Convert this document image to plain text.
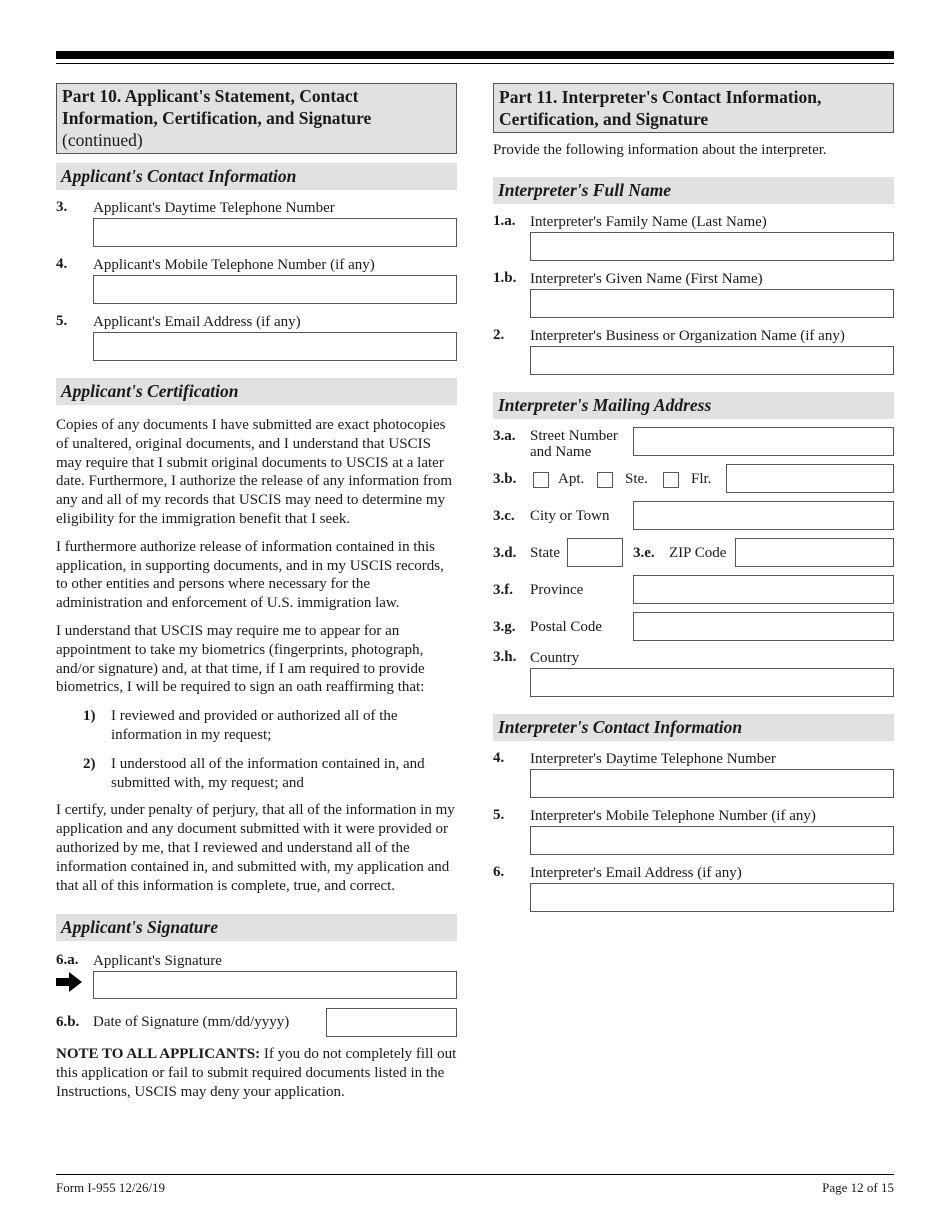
Part 10. Applicant's Statement, Contact Information, Certification, and Signature
(continued)
Applicant's Contact Information
3. Applicant's Daytime Telephone Number
4. Applicant's Mobile Telephone Number (if any)
5. Applicant's Email Address (if any)
Applicant's Certification
Copies of any documents I have submitted are exact photocopies of unaltered, original documents, and I understand that USCIS may require that I submit original documents to USCIS at a later date. Furthermore, I authorize the release of any information from any and all of my records that USCIS may need to determine my eligibility for the immigration benefit that I seek.
I furthermore authorize release of information contained in this application, in supporting documents, and in my USCIS records, to other entities and persons where necessary for the administration and enforcement of U.S. immigration law.
I understand that USCIS may require me to appear for an appointment to take my biometrics (fingerprints, photograph, and/or signature) and, at that time, if I am required to provide biometrics, I will be required to sign an oath reaffirming that:
1) I reviewed and provided or authorized all of the information in my request;
2) I understood all of the information contained in, and submitted with, my request; and
I certify, under penalty of perjury, that all of the information in my application and any document submitted with it were provided or authorized by me, that I reviewed and understand all of the information contained in, and submitted with, my application and that all of this information is complete, true, and correct.
Applicant's Signature
6.a. Applicant's Signature
6.b. Date of Signature (mm/dd/yyyy)
NOTE TO ALL APPLICANTS: If you do not completely fill out this application or fail to submit required documents listed in the Instructions, USCIS may deny your application.
Part 11. Interpreter's Contact Information, Certification, and Signature
Provide the following information about the interpreter.
Interpreter's Full Name
1.a. Interpreter's Family Name (Last Name)
1.b. Interpreter's Given Name (First Name)
2. Interpreter's Business or Organization Name (if any)
Interpreter's Mailing Address
3.a. Street Number
and Name
3.b.	Apt.	Ste.	Flr.
3.c. City or Town
3.d. State	3.e. ZIP Code
3.f. Province
3.g. Postal Code
3.h. Country
Interpreter's Contact Information
4. Interpreter's Daytime Telephone Number
5. Interpreter's Mobile Telephone Number (if any)
6. Interpreter's Email Address (if any)
Form I-955 12/26/19	Page 12 of 15
